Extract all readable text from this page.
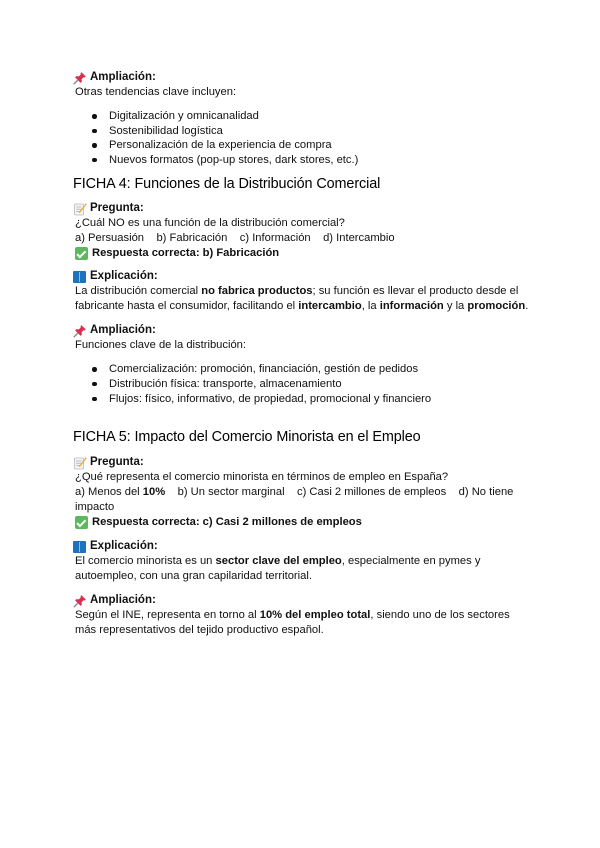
Ampliación:
Otras tendencias clave incluyen:
Digitalización y omnicanalidad
Sostenibilidad logística
Personalización de la experiencia de compra
Nuevos formatos (pop-up stores, dark stores, etc.)
FICHA 4: Funciones de la Distribución Comercial
Pregunta:
¿Cuál NO es una función de la distribución comercial?
a) Persuasión    b) Fabricación    c) Información    d) Intercambio
Respuesta correcta: b) Fabricación
Explicación:
La distribución comercial no fabrica productos; su función es llevar el producto desde el fabricante hasta el consumidor, facilitando el intercambio, la información y la promoción.
Ampliación:
Funciones clave de la distribución:
Comercialización: promoción, financiación, gestión de pedidos
Distribución física: transporte, almacenamiento
Flujos: físico, informativo, de propiedad, promocional y financiero
FICHA 5: Impacto del Comercio Minorista en el Empleo
Pregunta:
¿Qué representa el comercio minorista en términos de empleo en España?
a) Menos del 10%    b) Un sector marginal    c) Casi 2 millones de empleos    d) No tiene impacto
Respuesta correcta: c) Casi 2 millones de empleos
Explicación:
El comercio minorista es un sector clave del empleo, especialmente en pymes y autoempleo, con una gran capilaridad territorial.
Ampliación:
Según el INE, representa en torno al 10% del empleo total, siendo uno de los sectores más representativos del tejido productivo español.
